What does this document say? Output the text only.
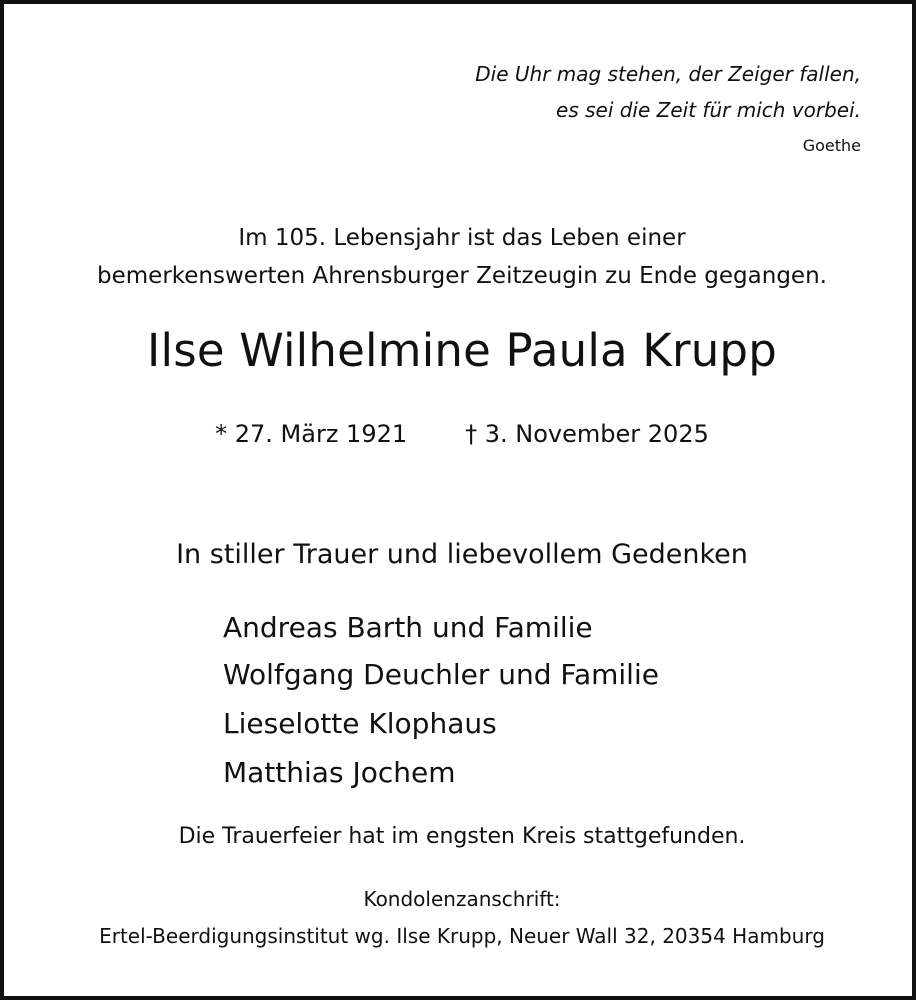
Die Uhr mag stehen, der Zeiger fallen,
es sei die Zeit für mich vorbei.
Goethe
Im 105. Lebensjahr ist das Leben einer
bemerkenswerten Ahrensburger Zeitzeugin zu Ende gegangen.
Ilse Wilhelmine Paula Krupp
* 27. März 1921 † 3. November 2025
In stiller Trauer und liebevollem Gedenken
Andreas Barth und Familie
Wolfgang Deuchler und Familie
Lieselotte Klophaus
Matthias Jochem
Die Trauerfeier hat im engsten Kreis stattgefunden.
Kondolenzanschrift:
Ertel-Beerdigungsinstitut wg. Ilse Krupp, Neuer Wall 32, 20354 Hamburg
